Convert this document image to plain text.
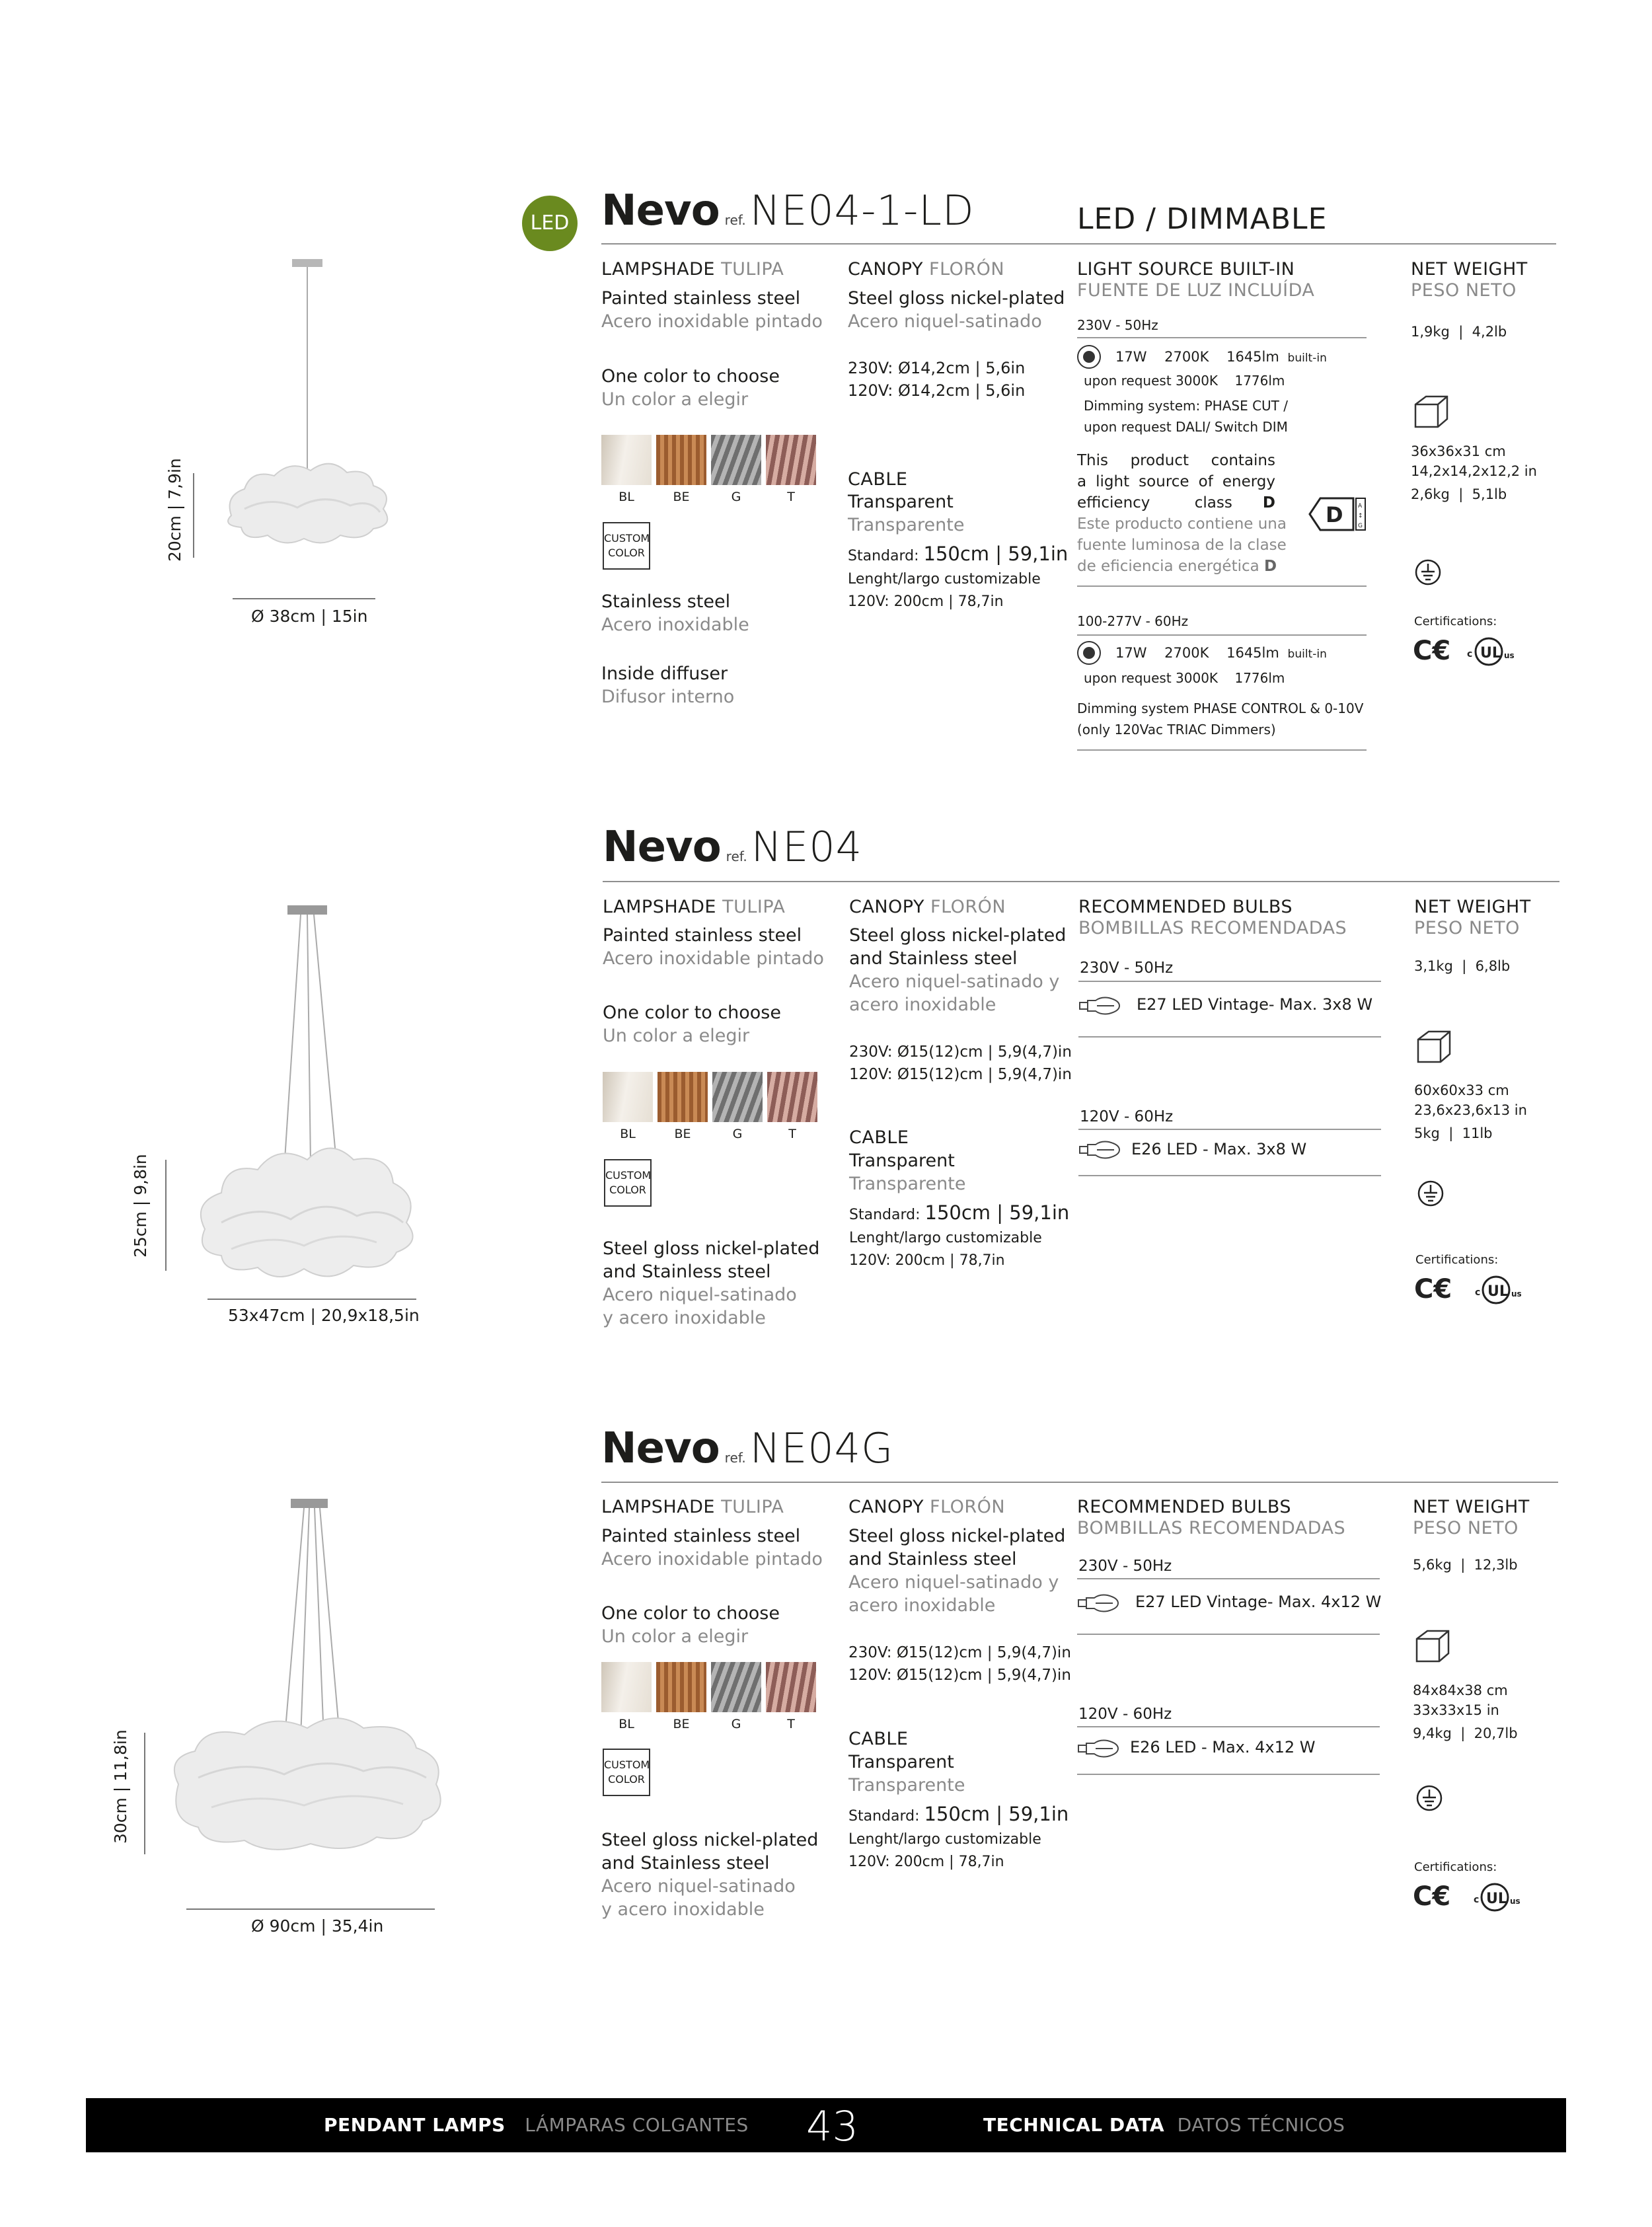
LED Nevo ref.NE04-1-LD	LED / DIMMABLE
20cm | 7,9in
Ø 38cm | 15in
LAMPSHADE TULIPA
Painted stainless steel
Acero inoxidable pintado
One color to choose
Un color a elegir
BL	BE	G	T
CUSTOM
COLOR
Stainless steel
Acero inoxidable
Inside diffuser
Difusor interno
CANOPY FLORÓN
Steel gloss nickel-plated
Acero niquel-satinado
230V: Ø14,2cm | 5,6in
120V: Ø14,2cm | 5,6in
CABLE
Transparent
Transparente
Standard: 150cm | 59,1in
Lenght/largo customizable
120V: 200cm | 78,7in
LIGHT SOURCE BUILT-IN
FUENTE DE LUZ INCLUÍDA
230V - 50Hz
17W    2700K    1645lm built-in
upon request 3000K    1776lm
Dimming system: PHASE CUT /
upon request DALI/ Switch DIM
This product contains
a light source of energy
efficiency class D
Este producto contiene una
fuente luminosa de la clase
de eficiencia energética D
D A
↕
G
100-277V - 60Hz
17W    2700K    1645lm built-in
upon request 3000K    1776lm
Dimming system PHASE CONTROL & 0-10V
(only 120Vac TRIAC Dimmers)
NET WEIGHT
PESO NETO
1,9kg  |  4,2lb
36x36x31 cm
14,2x14,2x12,2 in
2,6kg  |  5,1lb
Certifications:
C€ c UL us
Nevo ref.NE04
25cm | 9,8in
53x47cm | 20,9x18,5in
LAMPSHADE TULIPA
Painted stainless steel
Acero inoxidable pintado
One color to choose
Un color a elegir
BL	BE	G	T
CUSTOM
COLOR
Steel gloss nickel-plated
and Stainless steel
Acero niquel-satinado
y acero inoxidable
CANOPY FLORÓN
Steel gloss nickel-plated
and Stainless steel
Acero niquel-satinado y
acero inoxidable
230V: Ø15(12)cm | 5,9(4,7)in
120V: Ø15(12)cm | 5,9(4,7)in
CABLE
Transparent
Transparente
Standard: 150cm | 59,1in
Lenght/largo customizable
120V: 200cm | 78,7in
RECOMMENDED BULBS
BOMBILLAS RECOMENDADAS
230V - 50Hz
E27 LED Vintage- Max. 3x8 W
120V - 60Hz
E26 LED - Max. 3x8 W
NET WEIGHT
PESO NETO
3,1kg  |  6,8lb
60x60x33 cm
23,6x23,6x13 in
5kg  |  11lb
Certifications:
C€ c UL us
Nevo ref.NE04G
30cm | 11,8in
Ø 90cm | 35,4in
LAMPSHADE TULIPA
Painted stainless steel
Acero inoxidable pintado
One color to choose
Un color a elegir
BL	BE	G	T
CUSTOM
COLOR
Steel gloss nickel-plated
and Stainless steel
Acero niquel-satinado
y acero inoxidable
CANOPY FLORÓN
Steel gloss nickel-plated
and Stainless steel
Acero niquel-satinado y
acero inoxidable
230V: Ø15(12)cm | 5,9(4,7)in
120V: Ø15(12)cm | 5,9(4,7)in
CABLE
Transparent
Transparente
Standard: 150cm | 59,1in
Lenght/largo customizable
120V: 200cm | 78,7in
RECOMMENDED BULBS
BOMBILLAS RECOMENDADAS
230V - 50Hz
E27 LED Vintage- Max. 4x12 W
120V - 60Hz
E26 LED - Max. 4x12 W
NET WEIGHT
PESO NETO
5,6kg  |  12,3lb
84x84x38 cm
33x33x15 in
9,4kg  |  20,7lb
Certifications:
C€ c UL us
PENDANT LAMPS LÁMPARAS COLGANTES 43	TECHNICAL DATA DATOS TÉCNICOS
